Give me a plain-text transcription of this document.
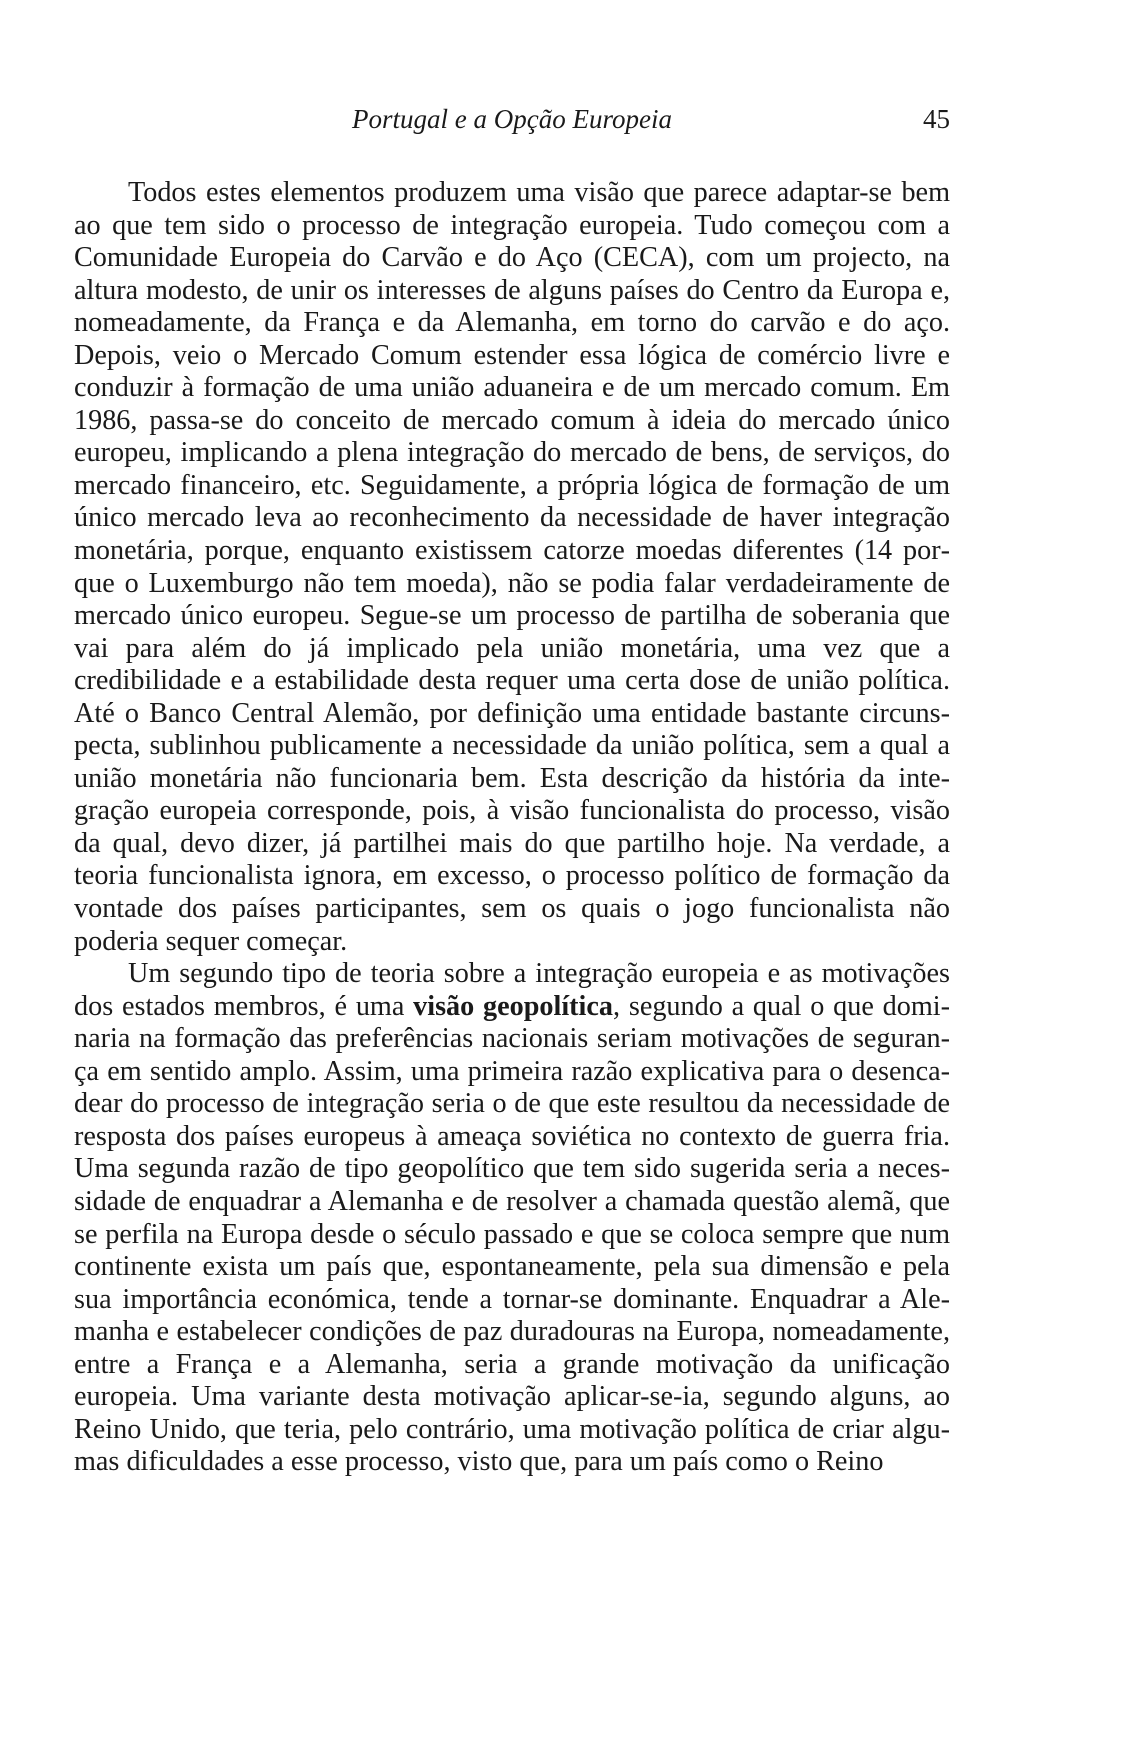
Portugal e a Opção Europeia	45

Todos estes elementos produzem uma visão que parece adaptar-se bem ao que tem sido o processo de integração europeia. Tudo começou com a Comunidade Europeia do Carvão e do Aço (CECA), com um projecto, na altura modesto, de unir os interesses de alguns países do Centro da Europa e, nomeadamente, da França e da Alemanha, em torno do carvão e do aço. Depois, veio o Mercado Comum estender essa lógica de comércio livre e conduzir à formação de uma união aduaneira e de um mercado comum. Em 1986, passa-se do conceito de mercado comum à ideia do mercado único europeu, implicando a plena integração do mercado de bens, de serviços, do mercado financeiro, etc. Seguidamente, a própria lógica de formação de um único mercado leva ao reconhecimento da necessidade de haver integração monetária, porque, enquanto existissem catorze moedas diferentes (14 porque o Luxemburgo não tem moeda), não se podia falar verdadeiramente de mercado único europeu. Segue-se um processo de partilha de soberania que vai para além do já implicado pela união monetária, uma vez que a credibilidade e a estabilidade desta requer uma certa dose de união política. Até o Banco Central Alemão, por definição uma entidade bastante circunspecta, sublinhou publicamente a necessidade da união política, sem a qual a união monetária não funcionaria bem. Esta descrição da história da integração europeia corresponde, pois, à visão funcionalista do processo, visão da qual, devo dizer, já partilhei mais do que partilho hoje. Na verdade, a teoria funcionalista ignora, em excesso, o processo político de formação da vontade dos países participantes, sem os quais o jogo funcionalista não poderia sequer começar.

Um segundo tipo de teoria sobre a integração europeia e as motivações dos estados membros, é uma visão geopolítica, segundo a qual o que dominaria na formação das preferências nacionais seriam motivações de segurança em sentido amplo. Assim, uma primeira razão explicativa para o desencadear do processo de integração seria o de que este resultou da necessidade de resposta dos países europeus à ameaça soviética no contexto de guerra fria. Uma segunda razão de tipo geopolítico que tem sido sugerida seria a necessidade de enquadrar a Alemanha e de resolver a chamada questão alemã, que se perfila na Europa desde o século passado e que se coloca sempre que num continente exista um país que, espontaneamente, pela sua dimensão e pela sua importância económica, tende a tornar-se dominante. Enquadrar a Alemanha e estabelecer condições de paz duradouras na Europa, nomeadamente, entre a França e a Alemanha, seria a grande motivação da unificação europeia. Uma variante desta motivação aplicar-se-ia, segundo alguns, ao Reino Unido, que teria, pelo contrário, uma motivação política de criar algumas dificuldades a esse processo, visto que, para um país como o Reino
